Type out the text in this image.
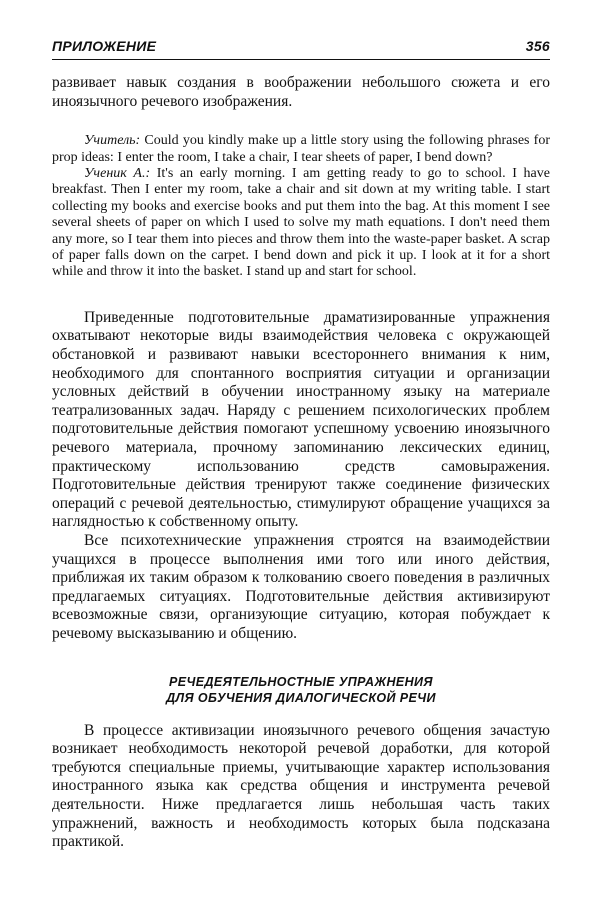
ПРИЛОЖЕНИЕ	356

развивает навык создания в воображении небольшого сюжета и его иноязычного речевого изображения.

Учитель: Could you kindly make up a little story using the following phrases for prop ideas: I enter the room, I take a chair, I tear sheets of paper, I bend down?

Ученик А.: It's an early morning. I am getting ready to go to school. I have breakfast. Then I enter my room, take a chair and sit down at my writing table. I start collecting my books and exercise books and put them into the bag. At this moment I see several sheets of paper on which I used to solve my math equations. I don't need them any more, so I tear them into pieces and throw them into the waste-paper basket. A scrap of paper falls down on the carpet. I bend down and pick it up. I look at it for a short while and throw it into the basket. I stand up and start for school.

Приведенные подготовительные драматизированные упражнения охватывают некоторые виды взаимодействия человека с окружающей обстановкой и развивают навыки всестороннего внимания к ним, необходимого для спонтанного восприятия ситуации и организации условных действий в обучении иностранному языку на материале театрализованных задач. Наряду с решением психологических проблем подготовительные действия помогают успешному усвоению иноязычного речевого материала, прочному запоминанию лексических единиц, практическому использованию средств самовыражения. Подготовительные действия тренируют также соединение физических операций с речевой деятельностью, стимулируют обращение учащихся за наглядностью к собственному опыту.

Все психотехнические упражнения строятся на взаимодействии учащихся в процессе выполнения ими того или иного действия, приближая их таким образом к толкованию своего поведения в различных предлагаемых ситуациях. Подготовительные действия активизируют всевозможные связи, организующие ситуацию, которая побуждает к речевому высказыванию и общению.

РЕЧЕДЕЯТЕЛЬНОСТНЫЕ УПРАЖНЕНИЯ
ДЛЯ ОБУЧЕНИЯ ДИАЛОГИЧЕСКОЙ РЕЧИ

В процессе активизации иноязычного речевого общения зачастую возникает необходимость некоторой речевой доработки, для которой требуются специальные приемы, учитывающие характер использования иностранного языка как средства общения и инструмента речевой деятельности. Ниже предлагается лишь небольшая часть таких упражнений, важность и необходимость которых была подсказана практикой.
